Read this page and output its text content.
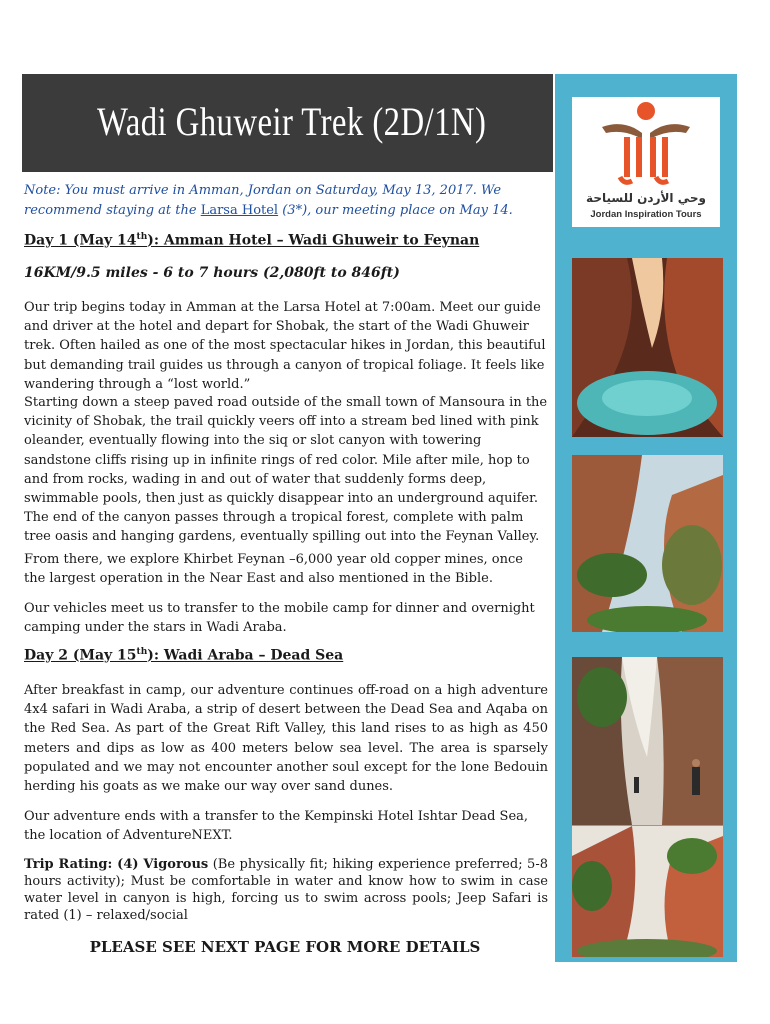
Wadi Ghuweir Trek (2D/1N)
وحي الأردن للسياحة
Jordan Inspiration Tours
Note: You must arrive in Amman, Jordan on Saturday, May 13, 2017. We recommend staying at the Larsa Hotel (3*), our meeting place on May 14.
Day 1 (May 14th): Amman Hotel – Wadi Ghuweir to Feynan
16KM/9.5 miles - 6 to 7 hours (2,080ft to 846ft)

Our trip begins today in Amman at the Larsa Hotel at 7:00am. Meet our guide and driver at the hotel and depart for Shobak, the start of the Wadi Ghuweir trek. Often hailed as one of the most spectacular hikes in Jordan, this beautiful but demanding trail guides us through a canyon of tropical foliage. It feels like wandering through a “lost world.”

Starting down a steep paved road outside of the small town of Mansoura in the vicinity of Shobak, the trail quickly veers off into a stream bed lined with pink oleander, eventually flowing into the siq or slot canyon with towering sandstone cliffs rising up in infinite rings of red color. Mile after mile, hop to and from rocks, wading in and out of water that suddenly forms deep, swimmable pools, then just as quickly disappear into an underground aquifer. The end of the canyon passes through a tropical forest, complete with palm tree oasis and hanging gardens, eventually spilling out into the Feynan Valley.

From there, we explore Khirbet Feynan –6,000 year old copper mines, once the largest operation in the Near East and also mentioned in the Bible.

Our vehicles meet us to transfer to the mobile camp for dinner and overnight camping under the stars in Wadi Araba.

Day 2 (May 15th): Wadi Araba – Dead Sea

After breakfast in camp, our adventure continues off-road on a high adventure 4x4 safari in Wadi Araba, a strip of desert between the Dead Sea and Aqaba on the Red Sea. As part of the Great Rift Valley, this land rises to as high as 450 meters and dips as low as 400 meters below sea level. The area is sparsely populated and we may not encounter another soul except for the lone Bedouin herding his goats as we make our way over sand dunes.

Our adventure ends with a transfer to the Kempinski Hotel Ishtar Dead Sea, the location of AdventureNEXT.

Trip Rating: (4) Vigorous (Be physically fit; hiking experience preferred; 5-8 hours activity); Must be comfortable in water and know how to swim in case water level in canyon is high, forcing us to swim across pools; Jeep Safari is rated (1) – relaxed/social

PLEASE SEE NEXT PAGE FOR MORE DETAILS
